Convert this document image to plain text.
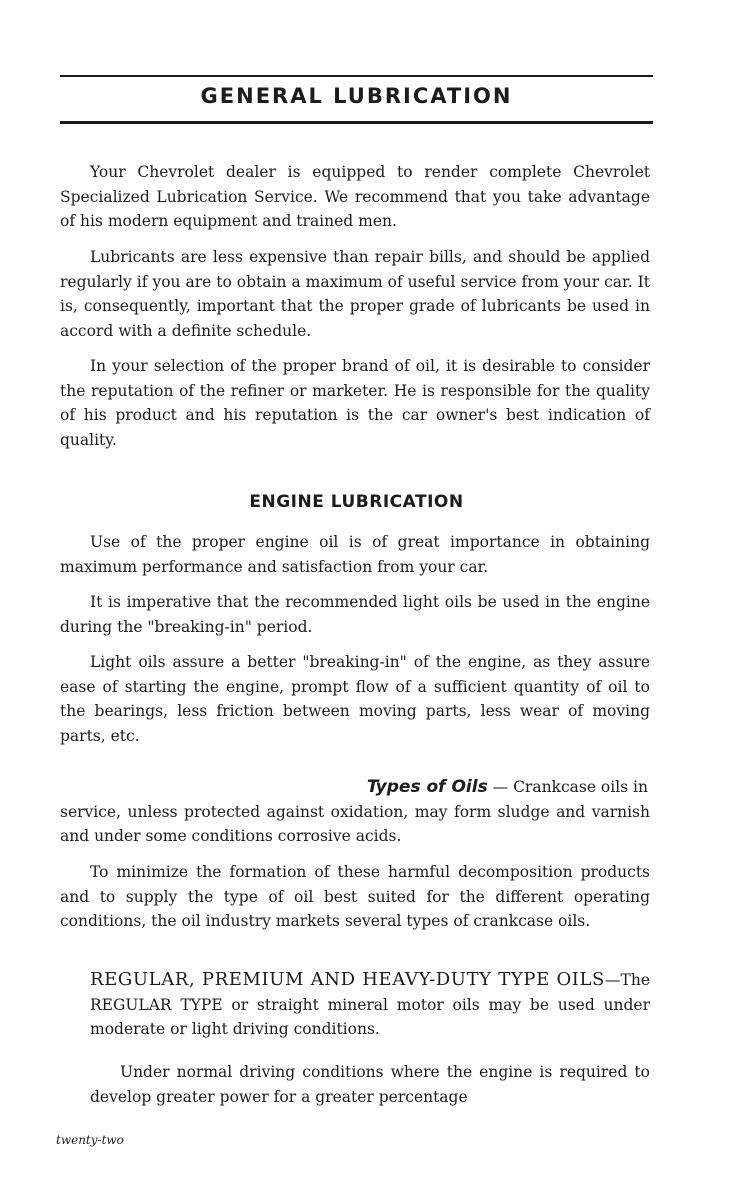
GENERAL LUBRICATION

Your Chevrolet dealer is equipped to render complete Chevrolet Specialized Lubrication Service. We recommend that you take advantage of his modern equipment and trained men.

Lubricants are less expensive than repair bills, and should be applied regularly if you are to obtain a maximum of useful service from your car. It is, consequently, important that the proper grade of lubricants be used in accord with a definite schedule.

In your selection of the proper brand of oil, it is desirable to consider the reputation of the refiner or marketer. He is responsible for the quality of his product and his reputation is the car owner's best indication of quality.

ENGINE LUBRICATION

Use of the proper engine oil is of great importance in obtaining maximum performance and satisfaction from your car.

It is imperative that the recommended light oils be used in the engine during the "breaking-in" period.

Light oils assure a better "breaking-in" of the engine, as they assure ease of starting the engine, prompt flow of a sufficient quantity of oil to the bearings, less friction between moving parts, less wear of moving parts, etc.

Types of Oils — Crankcase oils in
service, unless protected against oxidation, may form sludge and varnish and under some conditions corrosive acids.

To minimize the formation of these harmful decomposition products and to supply the type of oil best suited for the different operating conditions, the oil industry markets several types of crankcase oils.

REGULAR, PREMIUM AND HEAVY-DUTY TYPE OILS—The REGULAR TYPE or straight mineral motor oils may be used under moderate or light driving conditions.

Under normal driving conditions where the engine is required to develop greater power for a greater percentage

twenty-two
